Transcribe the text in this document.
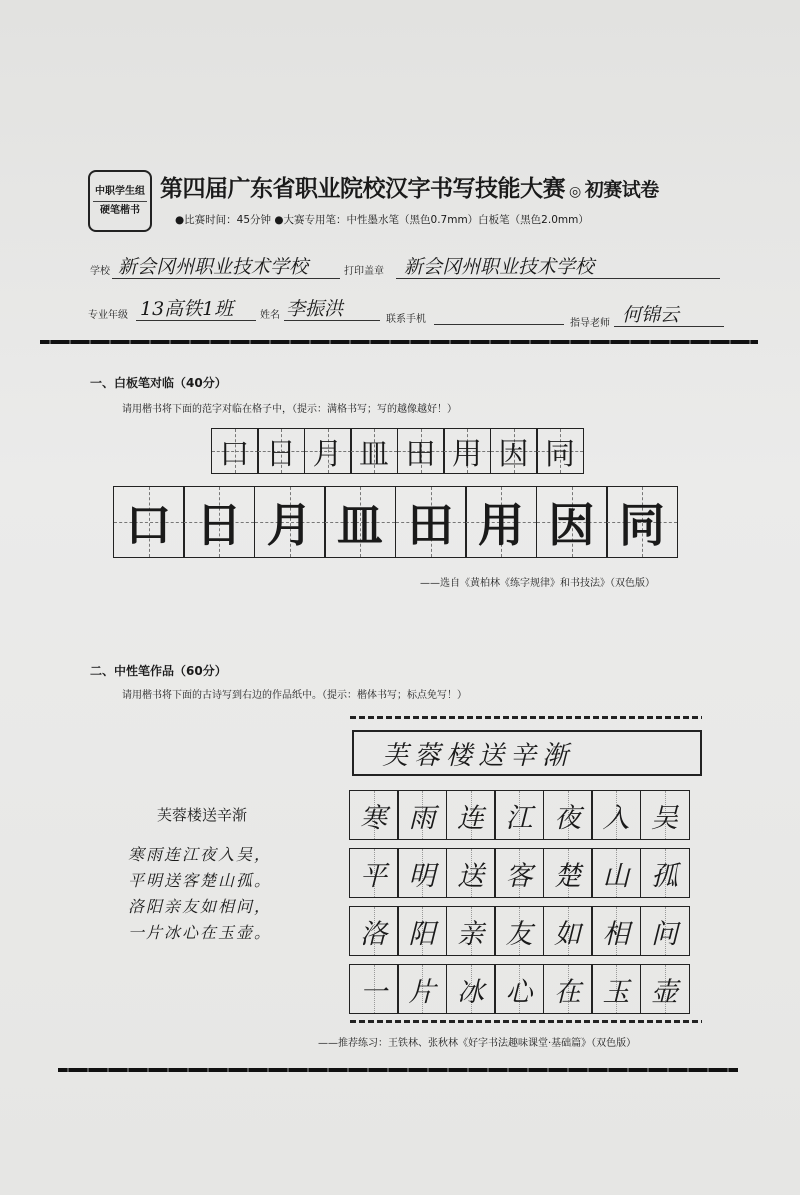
中职学生组
硬笔楷书
第四届广东省职业院校汉字书写技能大赛 ◎ 初赛试卷
●比赛时间：45分钟 ●大赛专用笔：中性墨水笔（黑色0.7mm）白板笔（黑色2.0mm）
学校 新会冈州职业技术学校	打印盖章 新会冈州职业技术学校
专业年级 13高铁1班	姓名 李振洪	联系手机	指导老师 何锦云
一、白板笔对临（40分）
请用楷书将下面的范字对临在格子中，（提示：满格书写；写的越像越好！）
口 日 月 皿 田 用 因 同
口 日 月 皿 田 用 因 同
——选自《黄柏林《练字规律》和书技法》（双色版）
二、中性笔作品（60分）
请用楷书将下面的古诗写到右边的作品纸中。（提示：楷体书写；标点免写！）
芙蓉楼送辛渐
寒雨连江夜入吴，
平明送客楚山孤。
洛阳亲友如相问，
一片冰心在玉壶。
芙蓉楼送辛渐
寒 雨 连 江 夜 入 吴
平 明 送 客 楚 山 孤
洛 阳 亲 友 如 相 问
一 片 冰 心 在 玉 壶
——推荐练习：王铁林、张秋林《好字书法趣味课堂·基础篇》（双色版）
